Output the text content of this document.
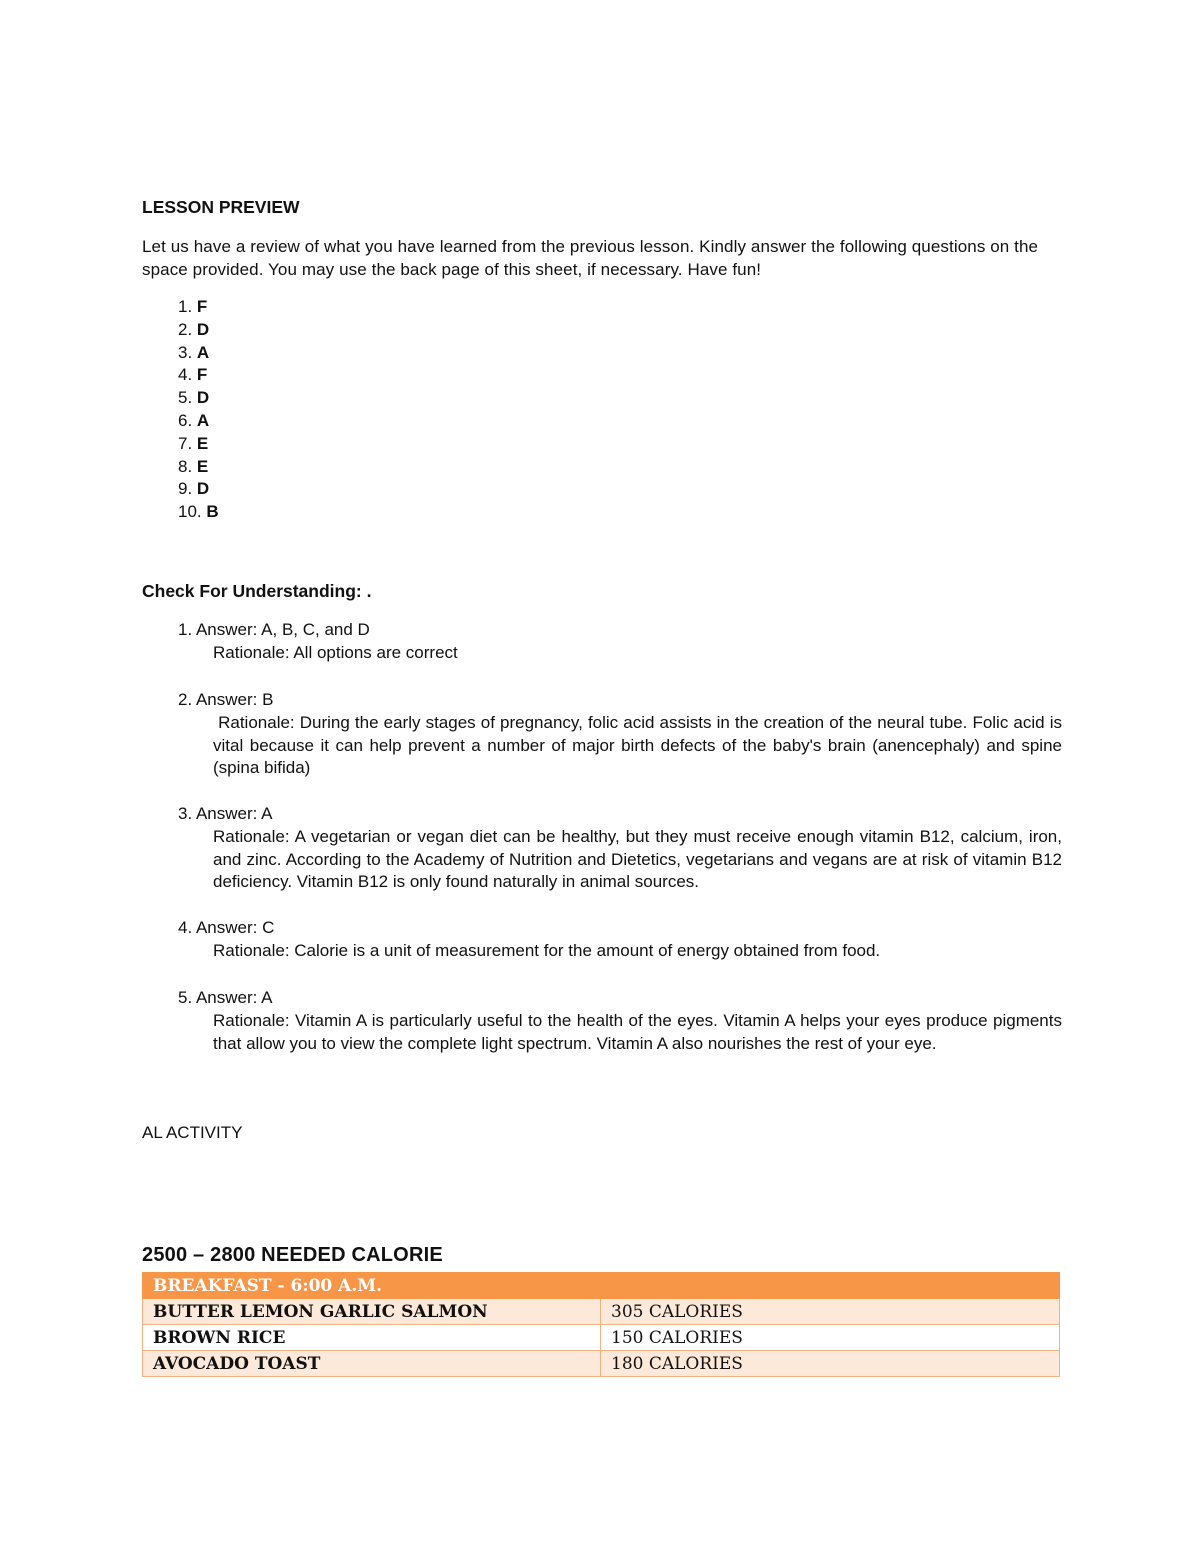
LESSON PREVIEW
Let us have a review of what you have learned from the previous lesson. Kindly answer the following questions on the space provided. You may use the back page of this sheet, if necessary. Have fun!
1. F
2. D
3. A
4. F
5. D
6. A
7. E
8. E
9. D
10. B
Check For Understanding: .
1. Answer: A, B, C, and D
Rationale: All options are correct
2. Answer: B
Rationale: During the early stages of pregnancy, folic acid assists in the creation of the neural tube. Folic acid is vital because it can help prevent a number of major birth defects of the baby's brain (anencephaly) and spine (spina bifida)
3. Answer: A
Rationale: A vegetarian or vegan diet can be healthy, but they must receive enough vitamin B12, calcium, iron, and zinc. According to the Academy of Nutrition and Dietetics, vegetarians and vegans are at risk of vitamin B12 deficiency. Vitamin B12 is only found naturally in animal sources.
4. Answer: C
Rationale: Calorie is a unit of measurement for the amount of energy obtained from food.
5. Answer: A
Rationale: Vitamin A is particularly useful to the health of the eyes. Vitamin A helps your eyes produce pigments that allow you to view the complete light spectrum. Vitamin A also nourishes the rest of your eye.
AL ACTIVITY
2500 – 2800 NEEDED CALORIE
BREAKFAST - 6:00 A.M.	
BUTTER LEMON GARLIC SALMON	305 CALORIES
BROWN RICE	150 CALORIES
AVOCADO TOAST	180 CALORIES
